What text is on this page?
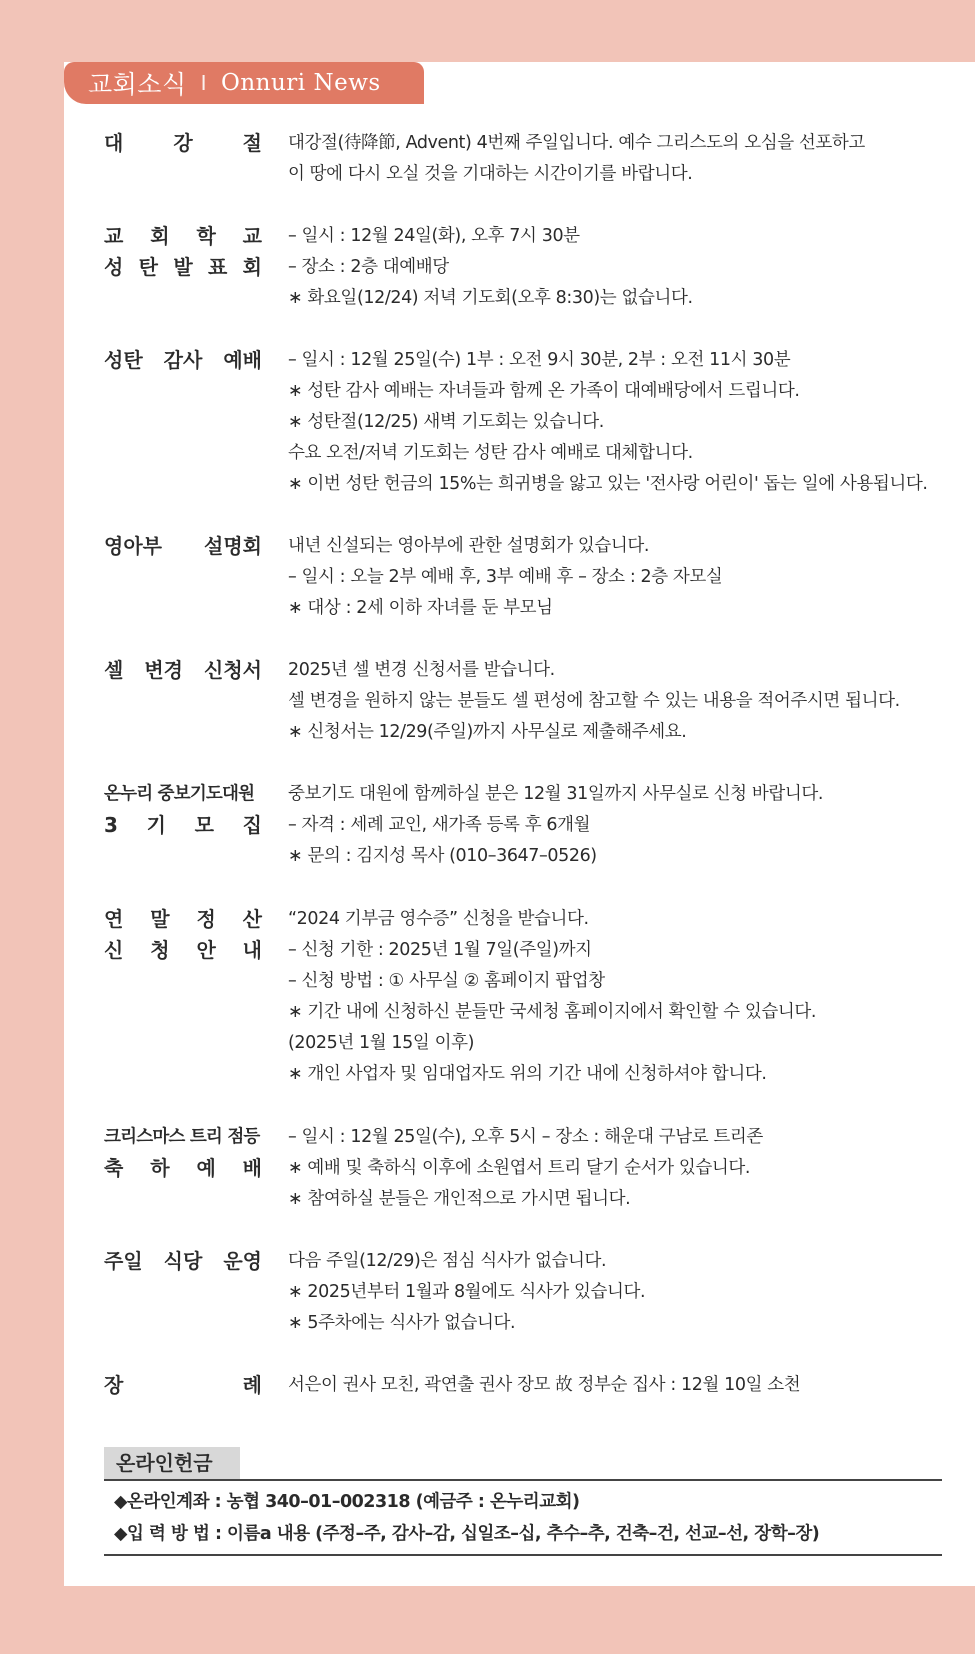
교회소식 I Onnuri News
대	강	절 대강절(待降節, Advent) 4번째 주일입니다. 예수 그리스도의 오심을 선포하고
이 땅에 다시 오실 것을 기대하는 시간이기를 바랍니다.
교 회 학 교
성 탄 발 표 회
– 일시 : 12월 24일(화), 오후 7시 30분
– 장소 : 2층 대예배당
∗ 화요일(12/24) 저녁 기도회(오후 8:30)는 없습니다.
성탄 감사 예배 – 일시 : 12월 25일(수) 1부 : 오전 9시 30분, 2부 : 오전 11시 30분
∗ 성탄 감사 예배는 자녀들과 함께 온 가족이 대예배당에서 드립니다.
∗ 성탄절(12/25) 새벽 기도회는 있습니다.
수요 오전/저녁 기도회는 성탄 감사 예배로 대체합니다.
∗ 이번 성탄 헌금의 15%는 희귀병을 앓고 있는 '전사랑 어린이' 돕는 일에 사용됩니다.
영아부 설명회 내년 신설되는 영아부에 관한 설명회가 있습니다.
– 일시 : 오늘 2부 예배 후, 3부 예배 후 – 장소 : 2층 자모실
∗ 대상 : 2세 이하 자녀를 둔 부모님
셀 변경 신청서 2025년 셀 변경 신청서를 받습니다.
셀 변경을 원하지 않는 분들도 셀 편성에 참고할 수 있는 내용을 적어주시면 됩니다.
∗ 신청서는 12/29(주일)까지 사무실로 제출해주세요.
온누리 중보기도대원
3 기 모 집
중보기도 대원에 함께하실 분은 12월 31일까지 사무실로 신청 바랍니다.
– 자격 : 세례 교인, 새가족 등록 후 6개월
∗ 문의 : 김지성 목사 (010–3647–0526)
연 말 정 산
신 청 안 내
“2024 기부금 영수증” 신청을 받습니다.
– 신청 기한 : 2025년 1월 7일(주일)까지
– 신청 방법 : ① 사무실 ② 홈페이지 팝업창
∗ 기간 내에 신청하신 분들만 국세청 홈페이지에서 확인할 수 있습니다.
(2025년 1월 15일 이후)
∗ 개인 사업자 및 임대업자도 위의 기간 내에 신청하셔야 합니다.
크리스마스 트리 점등
축 하 예 배
– 일시 : 12월 25일(수), 오후 5시 – 장소 : 해운대 구남로 트리존
∗ 예배 및 축하식 이후에 소원엽서 트리 달기 순서가 있습니다.
∗ 참여하실 분들은 개인적으로 가시면 됩니다.
주일 식당 운영 다음 주일(12/29)은 점심 식사가 없습니다.
∗ 2025년부터 1월과 8월에도 식사가 있습니다.
∗ 5주차에는 식사가 없습니다.
장	례 서은이 권사 모친, 곽연출 권사 장모 故 정부순 집사 : 12월 10일 소천
온라인헌금
◆온라인계좌 : 농협 340–01–002318 (예금주 : 온누리교회)
◆입 력 방 법 : 이름a 내용 (주정–주, 감사–감, 십일조–십, 추수–추, 건축–건, 선교–선, 장학–장)
